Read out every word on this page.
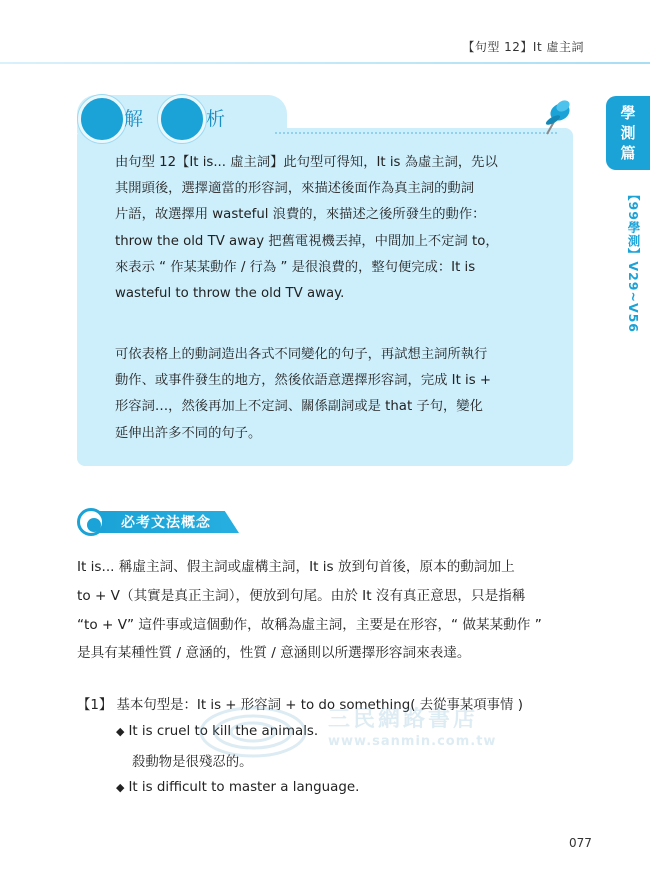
【句型 12】It 虛主詞
學
測
篇
【99學測】V29~V56
解	析

由句型 12【It is... 虛主詞】此句型可得知，It is 為虛主詞，先以
其開頭後，選擇適當的形容詞，來描述後面作為真主詞的動詞
片語，故選擇用 wasteful 浪費的，來描述之後所發生的動作：
throw the old TV away 把舊電視機丟掉，中間加上不定詞 to，
來表示 “ 作某某動作 / 行為 ” 是很浪費的，整句便完成：It is
wasteful to throw the old TV away.

可依表格上的動詞造出各式不同變化的句子，再試想主詞所執行
動作、或事件發生的地方，然後依語意選擇形容詞，完成 It is +
形容詞…，然後再加上不定詞、關係副詞或是 that 子句，變化
延伸出許多不同的句子。

必考文法概念

It is... 稱虛主詞、假主詞或虛構主詞，It is 放到句首後，原本的動詞加上
to + V（其實是真正主詞），便放到句尾。由於 It 沒有真正意思，只是指稱
“to + V” 這件事或這個動作，故稱為虛主詞，主要是在形容，“ 做某某動作 ”
是具有某種性質 / 意涵的，性質 / 意涵則以所選擇形容詞來表達。

【1】 基本句型是：It is + 形容詞 + to do something( 去從事某項事情 )
◆ It is cruel to kill the animals.
殺動物是很殘忍的。
◆ It is difficult to master a language.
三民網路書店
www.sanmin.com.tw
077
